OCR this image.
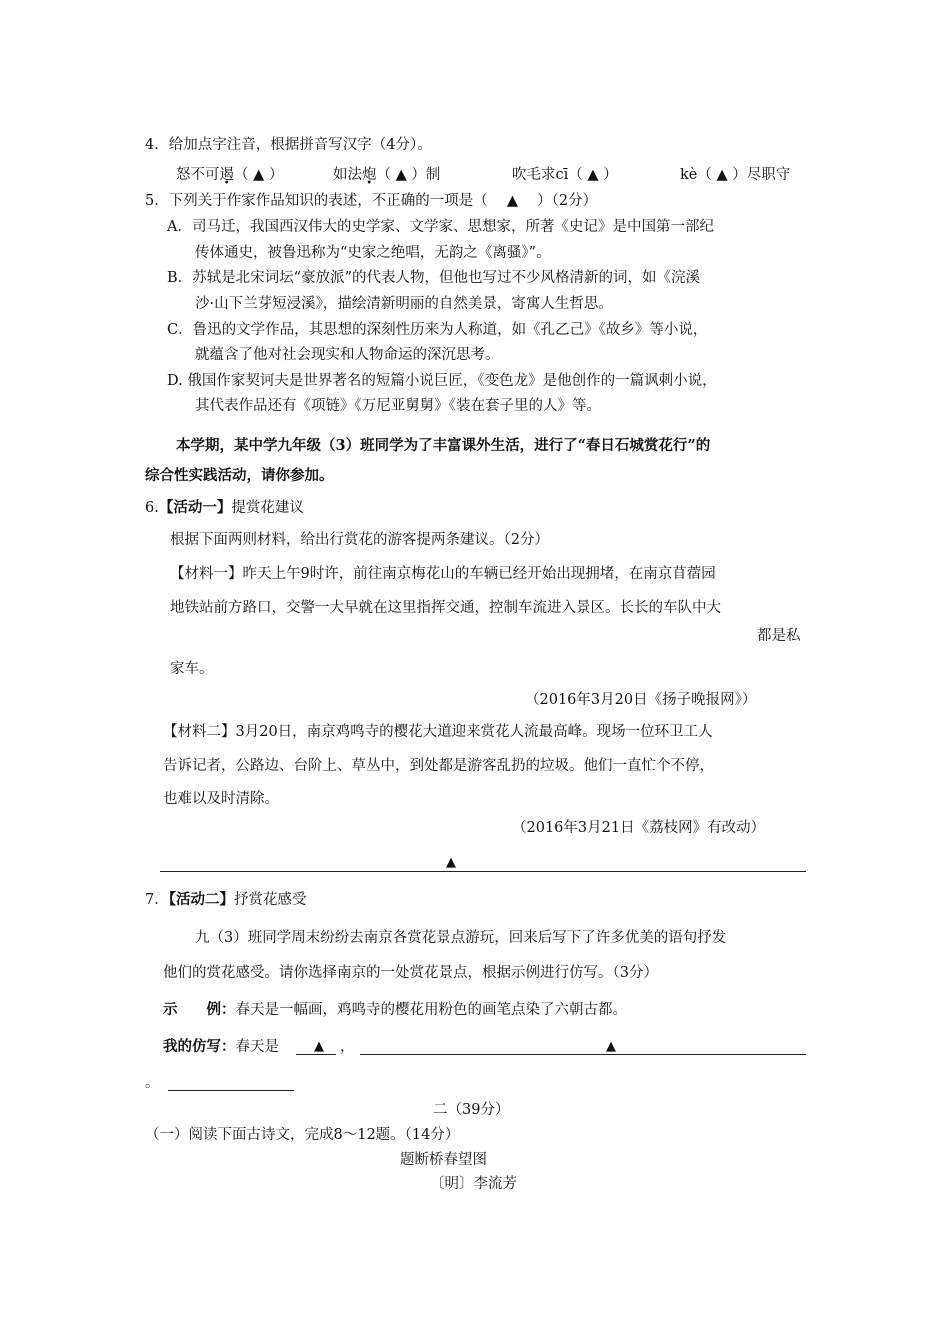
4．给加点字注音，根据拼音写汉字（4分）。
怒不可遏（ ▲ ）	如法炮（ ▲ ）制	吹毛求cī（ ▲ ）	kè（ ▲ ）尽职守
5．下列关于作家作品知识的表述，不正确的一项是（　 ▲　 ）（2分）
A．司马迁，我国西汉伟大的史学家、文学家、思想家，所著《史记》是中国第一部纪
传体通史，被鲁迅称为“史家之绝唱，无韵之《离骚》”。
B．苏轼是北宋词坛“豪放派”的代表人物，但他也写过不少风格清新的词，如《浣溪
沙·山下兰芽短浸溪》，描绘清新明丽的自然美景，寄寓人生哲思。
C．鲁迅的文学作品，其思想的深刻性历来为人称道，如《孔乙己》《故乡》等小说，
就蕴含了他对社会现实和人物命运的深沉思考。
D. 俄国作家契诃夫是世界著名的短篇小说巨匠，《变色龙》是他创作的一篇讽刺小说，
其代表作品还有《项链》《万尼亚舅舅》《装在套子里的人》等。
本学期，某中学九年级（3）班同学为了丰富课外生活，进行了“春日石城赏花行”的
综合性实践活动，请你参加。
6.【活动一】提赏花建议
根据下面两则材料，给出行赏花的游客提两条建议。（2分）
【材料一】昨天上午9时许，前往南京梅花山的车辆已经开始出现拥堵，在南京苜蓿园
地铁站前方路口，交警一大早就在这里指挥交通，控制车流进入景区。长长的车队中大
都是私
家车。
（2016年3月20日《扬子晚报网》）
【材料二】3月20日，南京鸡鸣寺的樱花大道迎来赏花人流最高峰。现场一位环卫工人
告诉记者，公路边、台阶上、草丛中，到处都是游客乱扔的垃圾。他们一直忙个不停，
也难以及时清除。
（2016年3月21日《荔枝网》有改动）
▲
7．【活动二】抒赏花感受
九（3）班同学周末纷纷去南京各赏花景点游玩，回来后写下了许多优美的语句抒发
他们的赏花感受。请你选择南京的一处赏花景点，根据示例进行仿写。（3分）
示　　例：春天是一幅画，鸡鸣寺的樱花用粉色的画笔点染了六朝古都。
我的仿写：春天是	▲ ，	▲
。
二（39分）
（一）阅读下面古诗文，完成8～12题。（14分）
题断桥春望图
〔明〕李流芳
